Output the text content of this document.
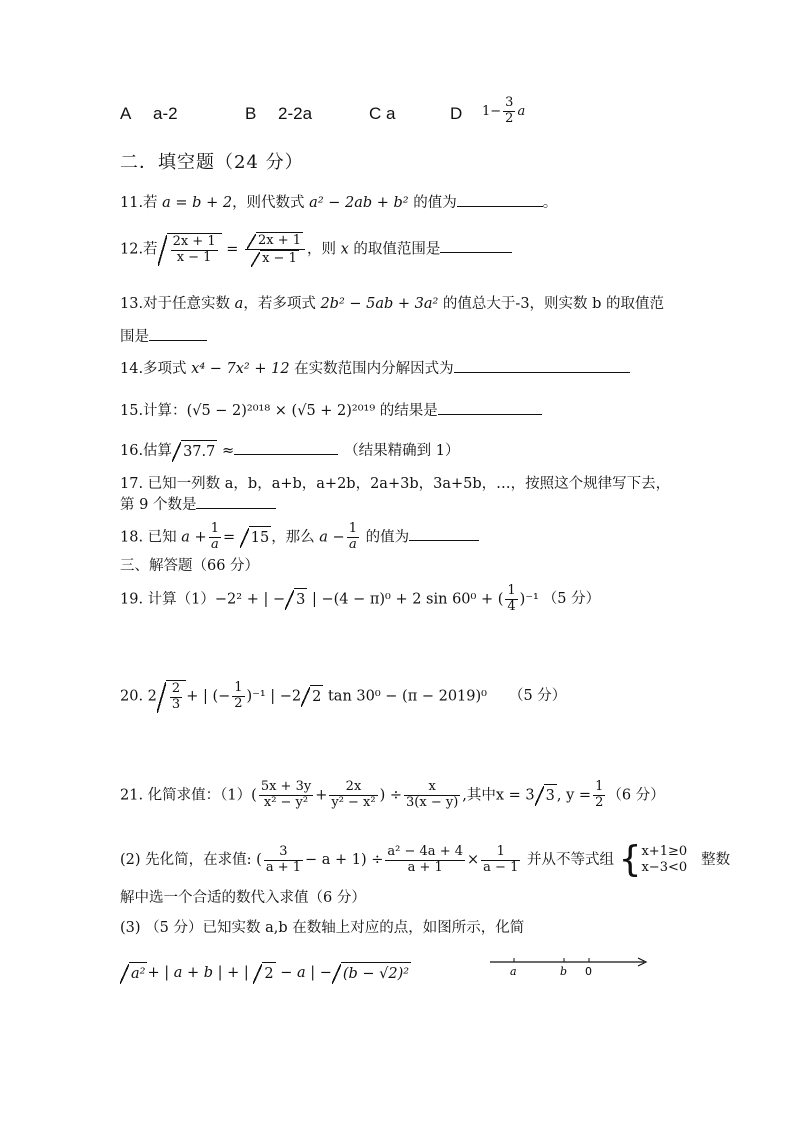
A a-2	B 2-2a	C a	D $1- \frac{3}{2}$ a
二．填空题（24 分）
11.若 a = b + 2，则代数式 a² − 2ab + b² 的值为	。
12.若 $\frac{2x + 1}{x - 1} = \frac{2x + 1}{x - 1}$ ，则 x 的取值范围是
13.对于任意实数 a，若多项式 2b² − 5ab + 3a² 的值总大于-3，则实数 b 的取值范
围是
14.多项式 x⁴ − 7x² + 12 在实数范围内分解因式为
15.计算：(√5 − 2)²⁰¹⁸ × (√5 + 2)²⁰¹⁹ 的结果是
16.估算 37.7 ≈	（结果精确到 1）
17. 已知一列数 a，b，a+b，a+2b，2a+3b，3a+5b，…，按照这个规律写下去，
第 9 个数是
18. 已知 $a + \frac{1}{a} = 15$ ，那么 $a - \frac{1}{a}$ 的值为
三、解答题（66 分）
19. 计算（1）−2² + | − 3 | −(4 − π)⁰ + 2 sin 60⁰ + ( $\frac{1}{4} )^{-1}$ （5 分）
20. $2 \frac{2}{3}$ + | (− $\frac{1}{2} )^{-1}$ | −2 2 tan 30⁰ − (π − 2019)⁰ （5 分）
21. 化简求值：$(1)( \frac{5x + 3y}{\text{x² − y²}} + \frac{2x}{\text{y² − x²}}$ ) ÷ $\frac{x}{3(x - y)}$ ,其中x = 3 3 , $y = \frac{1}{2} (6$ 分）
(2) 先化简，在求值: ( $\frac{3}{a + 1} - a + 1) \div \frac{\text{a² − 4a + 4}}{a + 1} \times \frac{1}{a - 1}$ 并从不等式组 { x+1≥0
x−3<0 整数
解中选一个合适的数代入求值（6 分）
(3) （5 分）已知实数 a,b 在数轴上对应的点，如图所示，化简
a² + | a + b | + | 2 − a | − (b − √2)²	a	b 0
